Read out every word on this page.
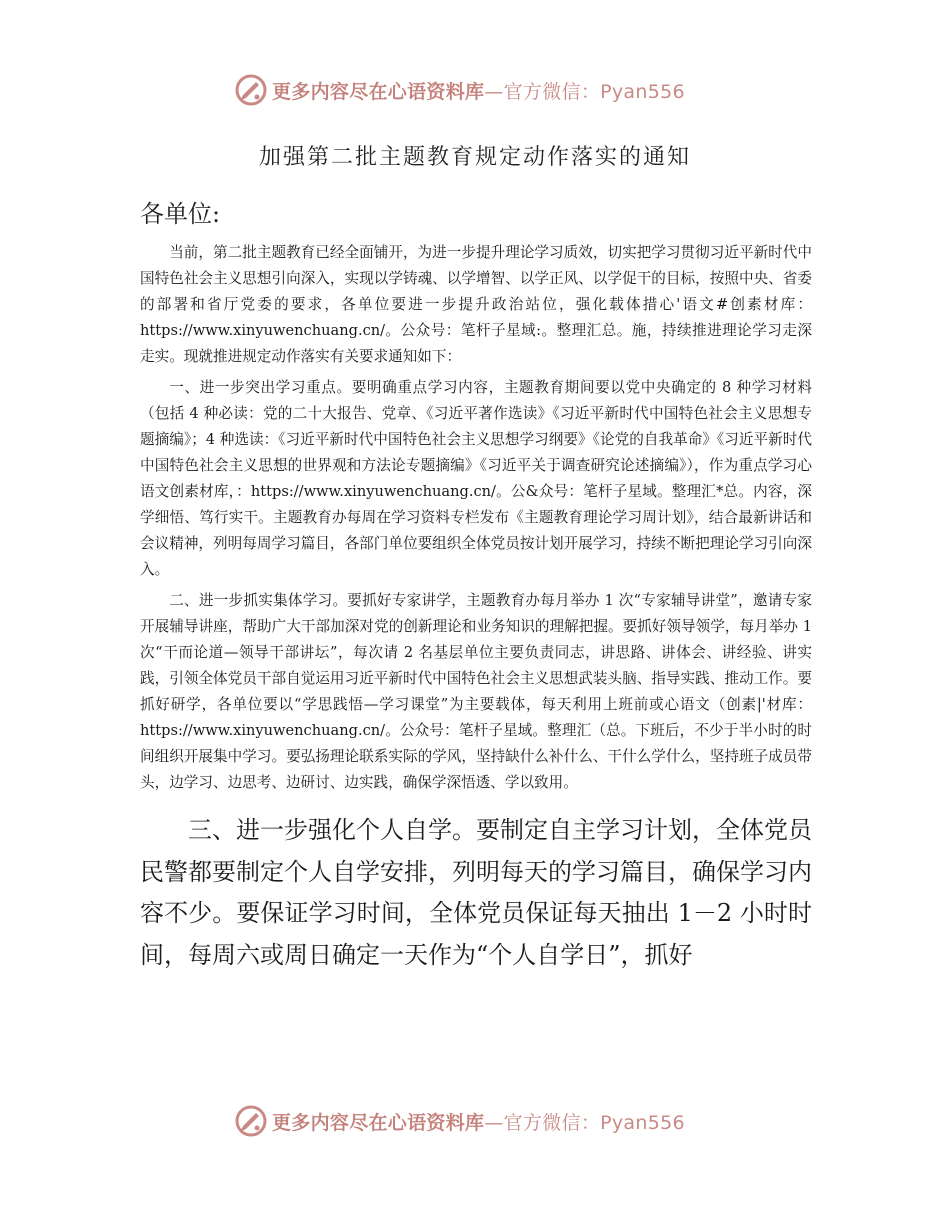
更多内容尽在心语资料库—官方微信：Pyan556
加强第二批主题教育规定动作落实的通知
各单位:

当前，第二批主题教育已经全面铺开，为进一步提升理论学习质效，切实把学习贯彻习近平新时代中国特色社会主义思想引向深入，实现以学铸魂、以学增智、以学正风、以学促干的目标，按照中央、省委的部署和省厅党委的要求，各单位要进一步提升政治站位，强化载体措心'语文#创素材库：https://www.xinyuwenchuang.cn/。公众号：笔杆子星域:。整理汇总。施，持续推进理论学习走深走实。现就推进规定动作落实有关要求通知如下：

一、进一步突出学习重点。要明确重点学习内容，主题教育期间要以党中央确定的 8 种学习材料（包括 4 种必读：党的二十大报告、党章、《习近平著作选读》《习近平新时代中国特色社会主义思想专题摘编》；4 种选读：《习近平新时代中国特色社会主义思想学习纲要》《论党的自我革命》《习近平新时代中国特色社会主义思想的世界观和方法论专题摘编》《习近平关于调查研究论述摘编》），作为重点学习心语文创素材库，：https://www.xinyuwenchuang.cn/。公&众号：笔杆子星域。整理汇*总。内容，深学细悟、笃行实干。主题教育办每周在学习资料专栏发布《主题教育理论学习周计划》，结合最新讲话和会议精神，列明每周学习篇目，各部门单位要组织全体党员按计划开展学习，持续不断把理论学习引向深入。

二、进一步抓实集体学习。要抓好专家讲学，主题教育办每月举办 1 次“专家辅导讲堂”，邀请专家开展辅导讲座，帮助广大干部加深对党的创新理论和业务知识的理解把握。要抓好领导领学，每月举办 1 次“干而论道—领导干部讲坛”，每次请 2 名基层单位主要负责同志，讲思路、讲体会、讲经验、讲实践，引领全体党员干部自觉运用习近平新时代中国特色社会主义思想武装头脑、指导实践、推动工作。要抓好研学，各单位要以“学思践悟—学习课堂”为主要载体，每天利用上班前或心语文（创素|'材库：https://www.xinyuwenchuang.cn/。公众号：笔杆子星域。整理汇（总。下班后，不少于半小时的时间组织开展集中学习。要弘扬理论联系实际的学风，坚持缺什么补什么、干什么学什么，坚持班子成员带头，边学习、边思考、边研讨、边实践，确保学深悟透、学以致用。

三、进一步强化个人自学。要制定自主学习计划，全体党员民警都要制定个人自学安排，列明每天的学习篇目，确保学习内容不少。要保证学习时间，全体党员保证每天抽出 1－2 小时时间，每周六或周日确定一天作为“个人自学日”，抓好

更多内容尽在心语资料库—官方微信：Pyan556
